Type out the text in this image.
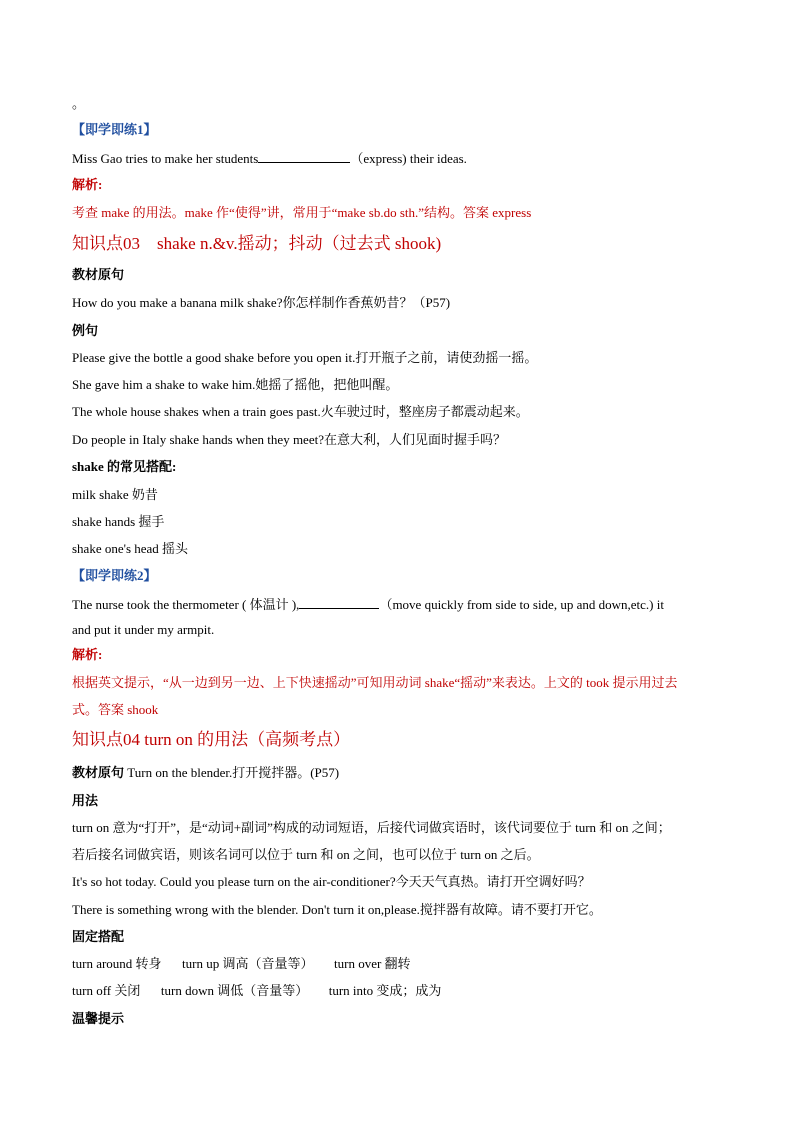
。
【即学即练1】
Miss Gao tries to make her students	（express) their ideas.
解析:
考查 make 的用法。make 作“使得”讲，常用于“make sb.do sth.”结构。答案 express
知识点03　shake n.&v.摇动；抖动（过去式 shook)
教材原句
How do you make a banana milk shake?你怎样制作香蕉奶昔？（P57)
例句
Please give the bottle a good shake before you open it.打开瓶子之前，请使劲摇一摇。
She gave him a shake to wake him.她摇了摇他，把他叫醒。
The whole house shakes when a train goes past.火车驶过时，整座房子都震动起来。
Do people in Italy shake hands when they meet?在意大利，人们见面时握手吗？
shake 的常见搭配:
milk shake 奶昔
shake hands 握手
shake one's head 摇头
【即学即练2】
The nurse took the thermometer ( 体温计 ),	（move quickly from side to side, up and down,etc.) it
and put it under my armpit.
解析:
根据英文提示，“从一边到另一边、上下快速摇动”可知用动词 shake“摇动”来表达。上文的 took 提示用过去
式。答案 shook
知识点04 turn on 的用法（高频考点）
教材原句 Turn on the blender.打开搅拌器。(P57)
用法
turn on 意为“打开”，是“动词+副词”构成的动词短语，后接代词做宾语时，该代词要位于 turn 和 on 之间；
若后接名词做宾语，则该名词可以位于 turn 和 on 之间，也可以位于 turn on 之后。
It's so hot today. Could you please turn on the air-conditioner?今天天气真热。请打开空调好吗？
There is something wrong with the blender. Don't turn it on,please.搅拌器有故障。请不要打开它。
固定搭配
turn around 转身 turn up 调高（音量等） turn over 翻转
turn off 关闭 turn down 调低（音量等） turn into 变成；成为
温馨提示
